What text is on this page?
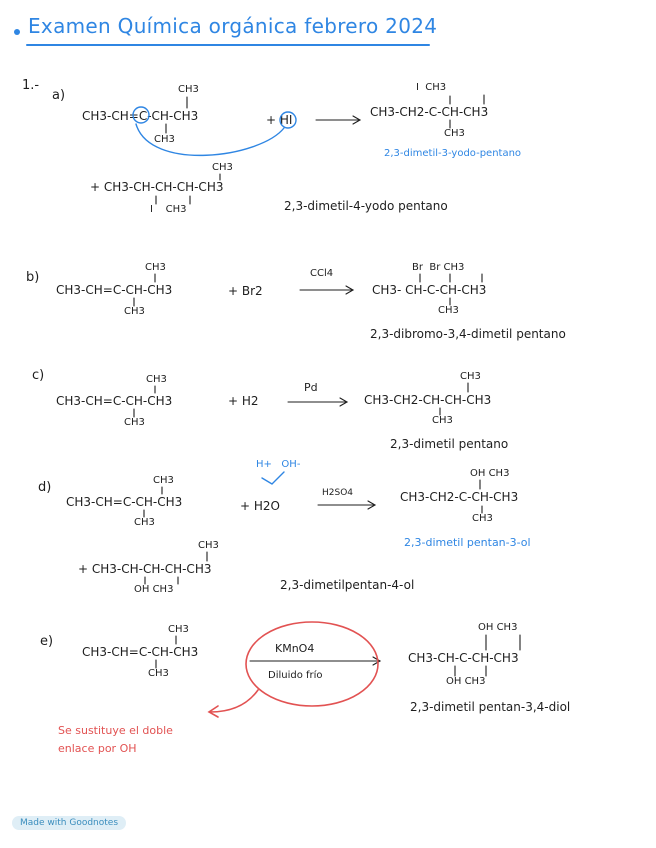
Examen Química orgánica febrero 2024
1.-
a)	CH3
CH3-CH=C-CH-CH3
CH3
+ HI
I  CH3
CH3-CH2-C-CH-CH3
CH3
2,3-dimetil-3-yodo-pentano
CH3
+ CH3-CH-CH-CH-CH3
I    CH3	2,3-dimetil-4-yodo pentano
b)
CH3
CH3-CH=C-CH-CH3
CH3
+ Br2
CCl4
Br  Br CH3
CH3- CH-C-CH-CH3
CH3
2,3-dibromo-3,4-dimetil pentano
c)	CH3
CH3-CH=C-CH-CH3
CH3
+ H2
Pd
CH3
CH3-CH2-CH-CH-CH3
CH3
2,3-dimetil pentano
d)	CH3
CH3-CH=C-CH-CH3
CH3
H+   OH-
+ H2O
H2SO4
OH CH3
CH3-CH2-C-CH-CH3
CH3
2,3-dimetil pentan-3-ol
CH3
+ CH3-CH-CH-CH-CH3
OH CH3	2,3-dimetilpentan-4-ol
e)
CH3
CH3-CH=C-CH-CH3
CH3
KMnO4
Diluido frío
OH CH3
CH3-CH-C-CH-CH3
OH CH3
2,3-dimetil pentan-3,4-diol
Se sustituye el doble
enlace por OH
Made with Goodnotes
